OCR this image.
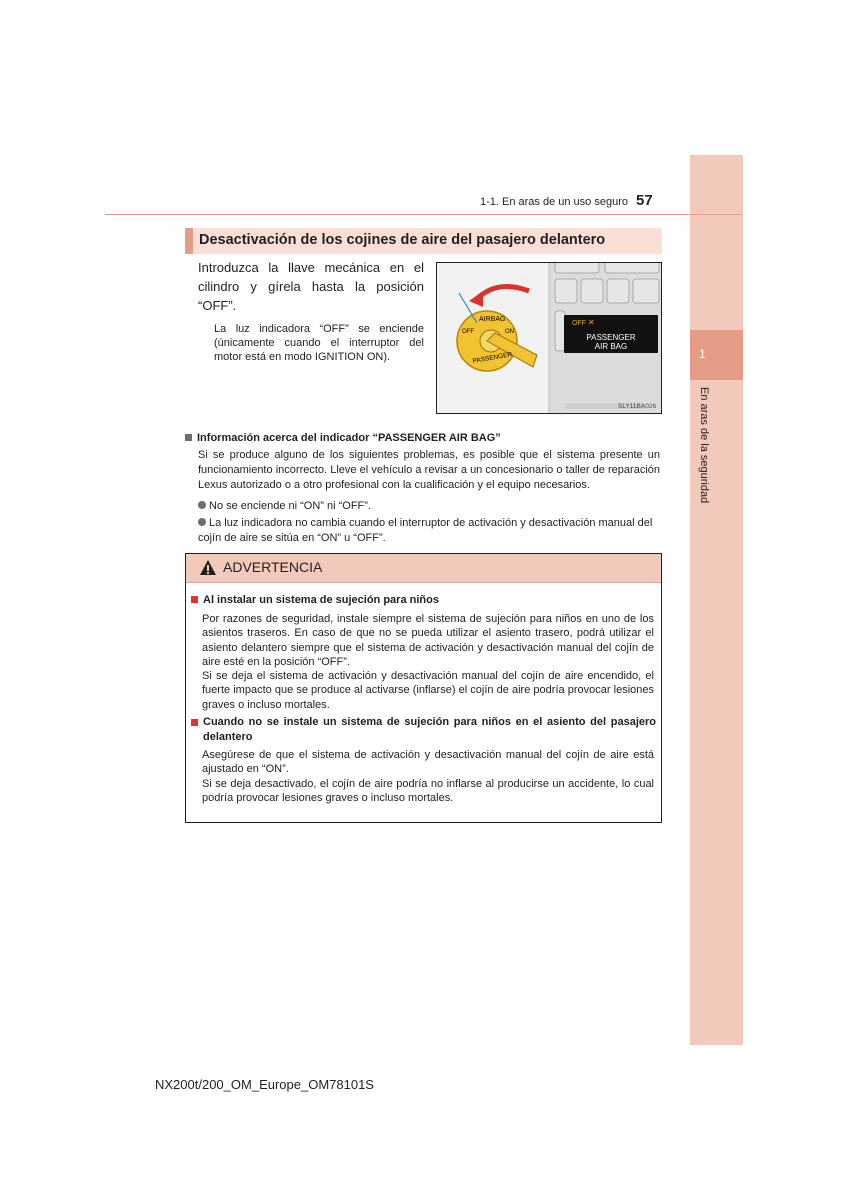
1
En aras de la seguridad
1-1. En aras de un uso seguro 57
Desactivación de los cojines de aire del pasajero delantero
Introduzca la llave mecánica en el cilindro y gírela hasta la posición “OFF”.
La luz indicadora “OFF” se enciende (únicamente cuando el interruptor del motor está en modo IGNITION ON).
AIRBAG
OFF	ON
PASSENGER
OFF ✕
PASSENGER
AIR BAG
SLY11BA026
Información acerca del indicador “PASSENGER AIR BAG”
Si se produce alguno de los siguientes problemas, es posible que el sistema presente un funcionamiento incorrecto. Lleve el vehículo a revisar a un concesionario o taller de reparación Lexus autorizado o a otro profesional con la cualificación y el equipo necesarios.
No se enciende ni “ON” ni “OFF”.
La luz indicadora no cambia cuando el interruptor de activación y desactivación manual del cojín de aire se sitúa en “ON” u “OFF”.
ADVERTENCIA
Al instalar un sistema de sujeción para niños
Por razones de seguridad, instale siempre el sistema de sujeción para niños en uno de los asientos traseros. En caso de que no se pueda utilizar el asiento trasero, podrá utilizar el asiento delantero siempre que el sistema de activación y desactivación manual del cojín de aire esté en la posición “OFF”.
Si se deja el sistema de activación y desactivación manual del cojín de aire encendido, el fuerte impacto que se produce al activarse (inflarse) el cojín de aire podría provocar lesiones graves o incluso mortales.
Cuando no se instale un sistema de sujeción para niños en el asiento del pasajero delantero
Asegúrese de que el sistema de activación y desactivación manual del cojín de aire está ajustado en “ON”.
Si se deja desactivado, el cojín de aire podría no inflarse al producirse un accidente, lo cual podría provocar lesiones graves o incluso mortales.
NX200t/200_OM_Europe_OM78101S
